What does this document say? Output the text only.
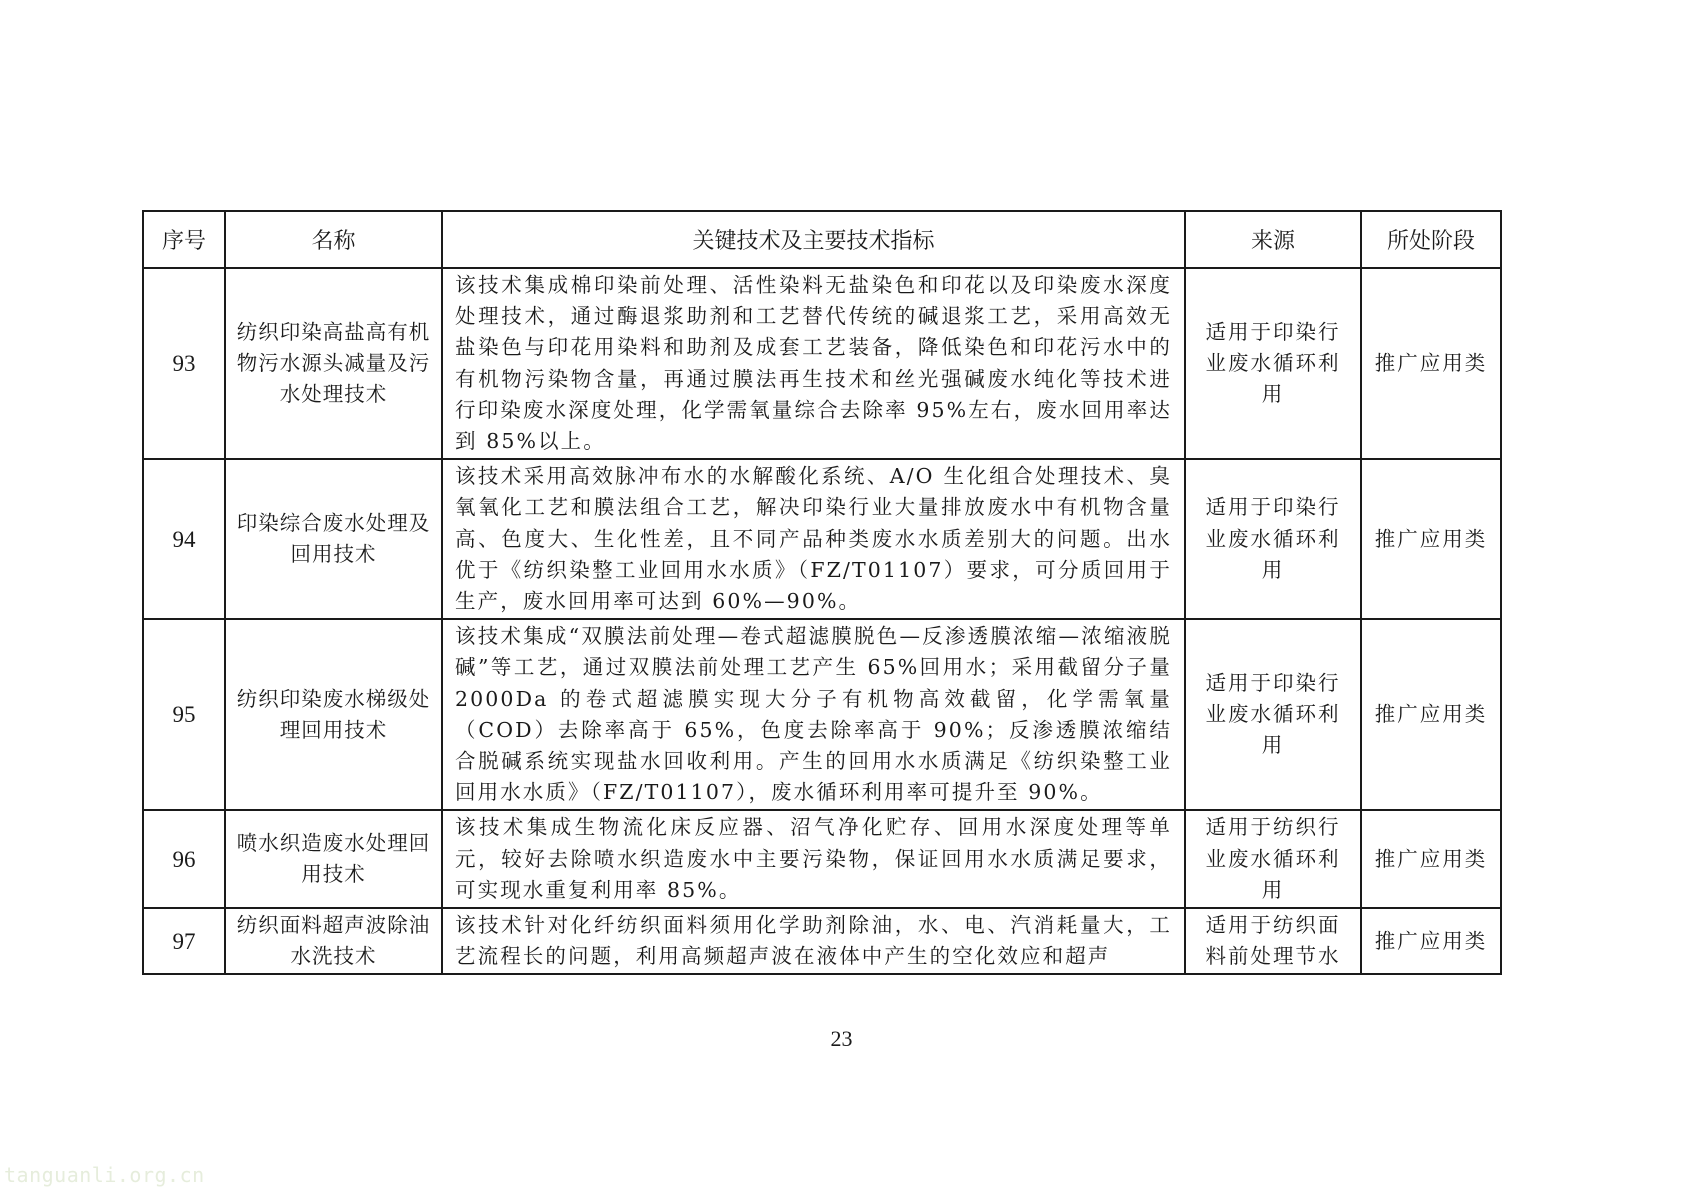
序号	名称	关键技术及主要技术指标	来源	所处阶段
93	纺织印染高盐高有机物污水源头减量及污水处理技术	该技术集成棉印染前处理、活性染料无盐染色和印花以及印染废水深度处理技术，通过酶退浆助剂和工艺替代传统的碱退浆工艺，采用高效无盐染色与印花用染料和助剂及成套工艺装备，降低染色和印花污水中的有机物污染物含量，再通过膜法再生技术和丝光强碱废水纯化等技术进行印染废水深度处理，化学需氧量综合去除率 95%左右，废水回用率达到 85%以上。	适用于印染行业废水循环利用	推广应用类
94	印染综合废水处理及回用技术	该技术采用高效脉冲布水的水解酸化系统、A/O 生化组合处理技术、臭氧氧化工艺和膜法组合工艺，解决印染行业大量排放废水中有机物含量高、色度大、生化性差，且不同产品种类废水水质差别大的问题。出水优于《纺织染整工业回用水水质》（FZ/T01107）要求，可分质回用于生产，废水回用率可达到 60%—90%。	适用于印染行业废水循环利用	推广应用类
95	纺织印染废水梯级处理回用技术	该技术集成“双膜法前处理—卷式超滤膜脱色—反渗透膜浓缩—浓缩液脱碱”等工艺，通过双膜法前处理工艺产生 65%回用水；采用截留分子量 2000Da 的卷式超滤膜实现大分子有机物高效截留，化学需氧量（COD）去除率高于 65%，色度去除率高于 90%；反渗透膜浓缩结合脱碱系统实现盐水回收利用。产生的回用水水质满足《纺织染整工业回用水水质》（FZ/T01107），废水循环利用率可提升至 90%。	适用于印染行业废水循环利用	推广应用类
96	喷水织造废水处理回用技术	该技术集成生物流化床反应器、沼气净化贮存、回用水深度处理等单元，较好去除喷水织造废水中主要污染物，保证回用水水质满足要求，可实现水重复利用率 85%。	适用于纺织行业废水循环利用	推广应用类
97	纺织面料超声波除油水洗技术	该技术针对化纤纺织面料须用化学助剂除油，水、电、汽消耗量大，工艺流程长的问题，利用高频超声波在液体中产生的空化效应和超声	适用于纺织面料前处理节水	推广应用类
23
tanguanli.org.cn
